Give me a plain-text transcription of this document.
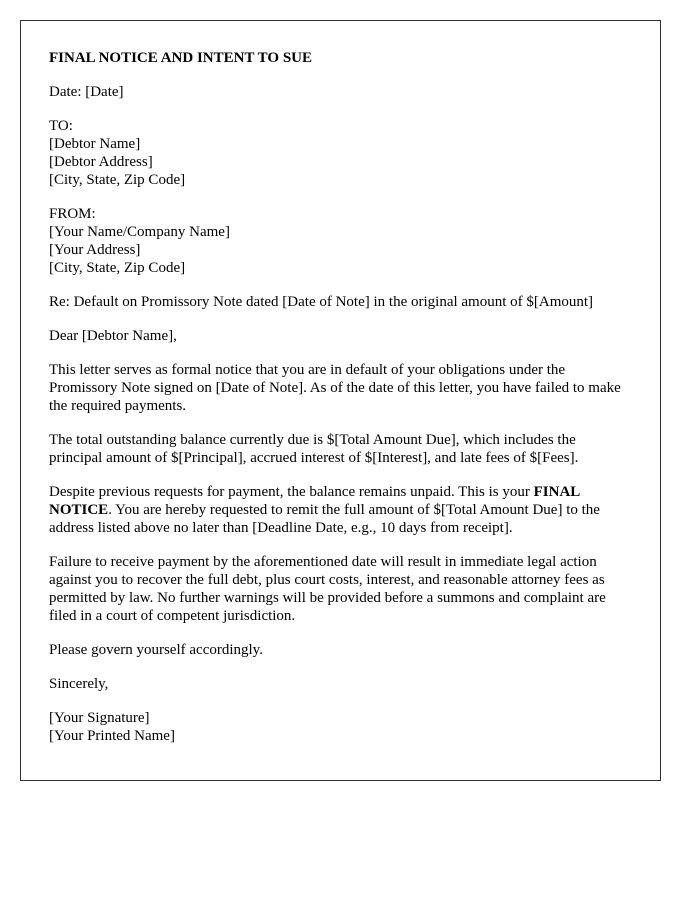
FINAL NOTICE AND INTENT TO SUE
Date: [Date]
TO:
[Debtor Name]
[Debtor Address]
[City, State, Zip Code]
FROM:
[Your Name/Company Name]
[Your Address]
[City, State, Zip Code]
Re: Default on Promissory Note dated [Date of Note] in the original amount of $[Amount]
Dear [Debtor Name],
This letter serves as formal notice that you are in default of your obligations under the Promissory Note signed on [Date of Note]. As of the date of this letter, you have failed to make the required payments.
The total outstanding balance currently due is $[Total Amount Due], which includes the principal amount of $[Principal], accrued interest of $[Interest], and late fees of $[Fees].
Despite previous requests for payment, the balance remains unpaid. This is your FINAL NOTICE. You are hereby requested to remit the full amount of $[Total Amount Due] to the address listed above no later than [Deadline Date, e.g., 10 days from receipt].
Failure to receive payment by the aforementioned date will result in immediate legal action against you to recover the full debt, plus court costs, interest, and reasonable attorney fees as permitted by law. No further warnings will be provided before a summons and complaint are filed in a court of competent jurisdiction.
Please govern yourself accordingly.
Sincerely,
[Your Signature]
[Your Printed Name]
